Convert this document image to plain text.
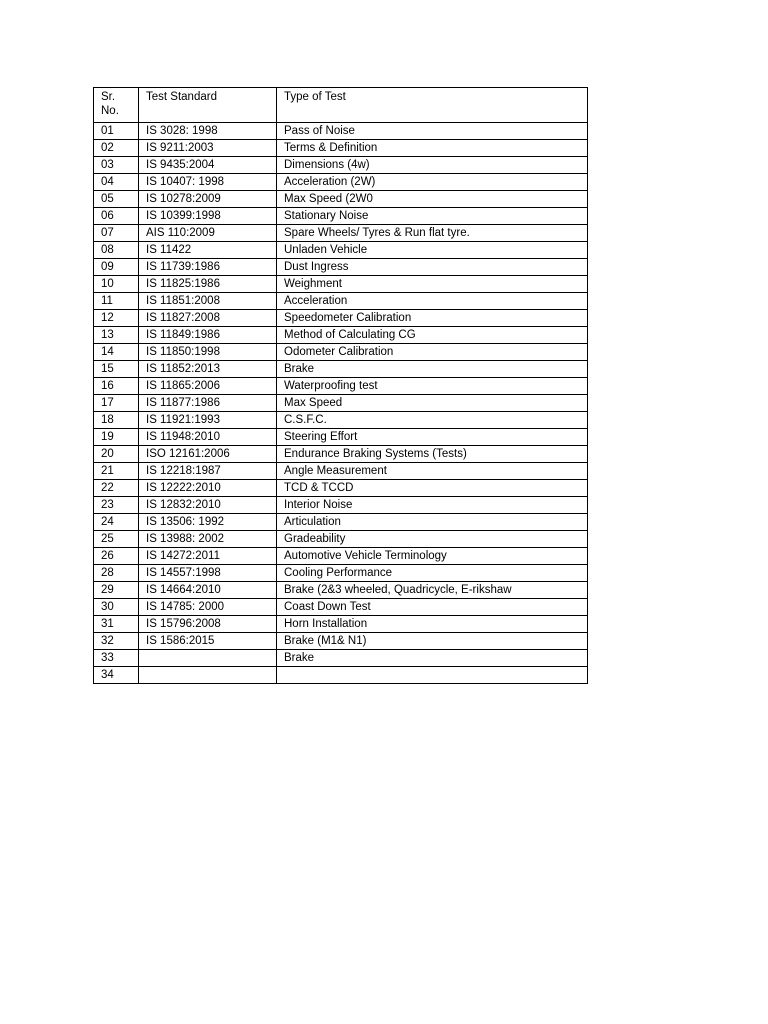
Sr.
No.	Test Standard	Type of Test
01	IS 3028: 1998	Pass of Noise
02	IS 9211:2003	Terms & Definition
03	IS 9435:2004	Dimensions (4w)
04	IS 10407: 1998	Acceleration (2W)
05	IS 10278:2009	Max Speed (2W0
06	IS 10399:1998	Stationary Noise
07	AIS 110:2009	Spare Wheels/ Tyres & Run flat tyre.
08	IS 11422	Unladen Vehicle
09	IS 11739:1986	Dust Ingress
10	IS 11825:1986	Weighment
11	IS 11851:2008	Acceleration
12	IS 11827:2008	Speedometer Calibration
13	IS 11849:1986	Method of Calculating CG
14	IS 11850:1998	Odometer Calibration
15	IS 11852:2013	Brake
16	IS 11865:2006	Waterproofing test
17	IS 11877:1986	Max Speed
18	IS 11921:1993	C.S.F.C.
19	IS 11948:2010	Steering Effort
20	ISO 12161:2006	Endurance Braking Systems (Tests)
21	IS 12218:1987	Angle Measurement
22	IS 12222:2010	TCD & TCCD
23	IS 12832:2010	Interior Noise
24	IS 13506: 1992	Articulation
25	IS 13988: 2002	Gradeability
26	IS 14272:2011	Automotive Vehicle Terminology
28	IS 14557:1998	Cooling Performance
29	IS 14664:2010	Brake (2&3 wheeled, Quadricycle, E-rikshaw
30	IS 14785: 2000	Coast Down Test
31	IS 15796:2008	Horn Installation
32	IS 1586:2015	Brake (M1& N1)
33		Brake
34		
